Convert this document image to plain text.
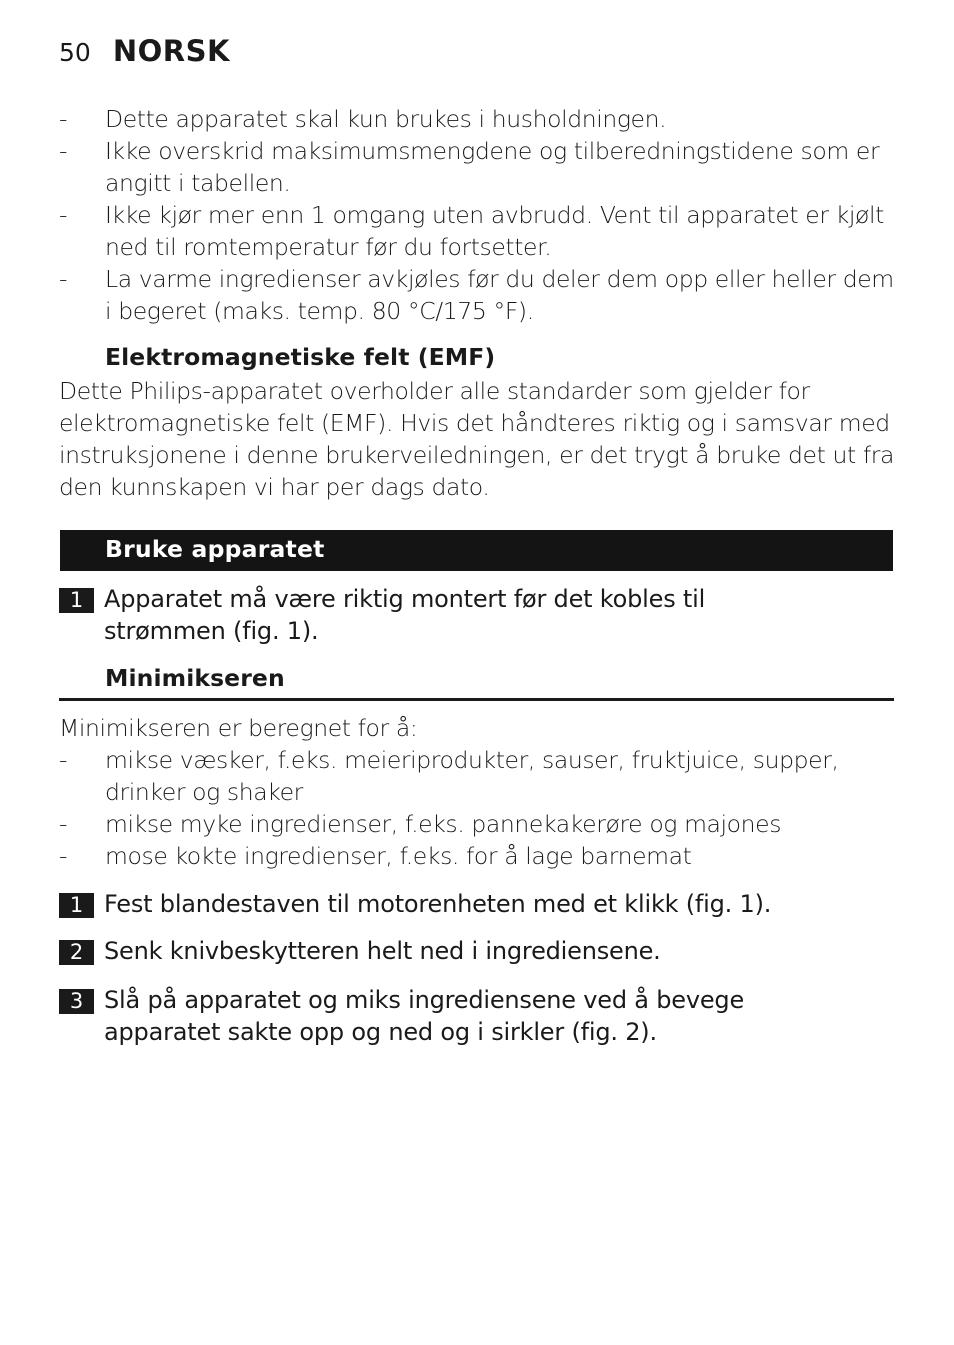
50 NORSK
- Dette apparatet skal kun brukes i husholdningen.
- Ikke overskrid maksimumsmengdene og tilberedningstidene som er angitt i tabellen.
- Ikke kjør mer enn 1 omgang uten avbrudd. Vent til apparatet er kjølt ned til romtemperatur før du fortsetter.
- La varme ingredienser avkjøles før du deler dem opp eller heller dem i begeret (maks. temp. 80 °C/175 °F).
Elektromagnetiske felt (EMF)

Dette Philips-apparatet overholder alle standarder som gjelder for elektromagnetiske felt (EMF). Hvis det håndteres riktig og i samsvar med instruksjonene i denne brukerveiledningen, er det trygt å bruke det ut fra den kunnskapen vi har per dags dato.

Bruke apparatet
1 Apparatet må være riktig montert før det kobles til strømmen (fig. 1).
Minimikseren

Minimikseren er beregnet for å:

- mikse væsker, f.eks. meieriprodukter, sauser, fruktjuice, supper, drinker og shaker
- mikse myke ingredienser, f.eks. pannekakerøre og majones
- mose kokte ingredienser, f.eks. for å lage barnemat
1 Fest blandestaven til motorenheten med et klikk (fig. 1).
2 Senk knivbeskytteren helt ned i ingrediensene.
3 Slå på apparatet og miks ingrediensene ved å bevege apparatet sakte opp og ned og i sirkler (fig. 2).
